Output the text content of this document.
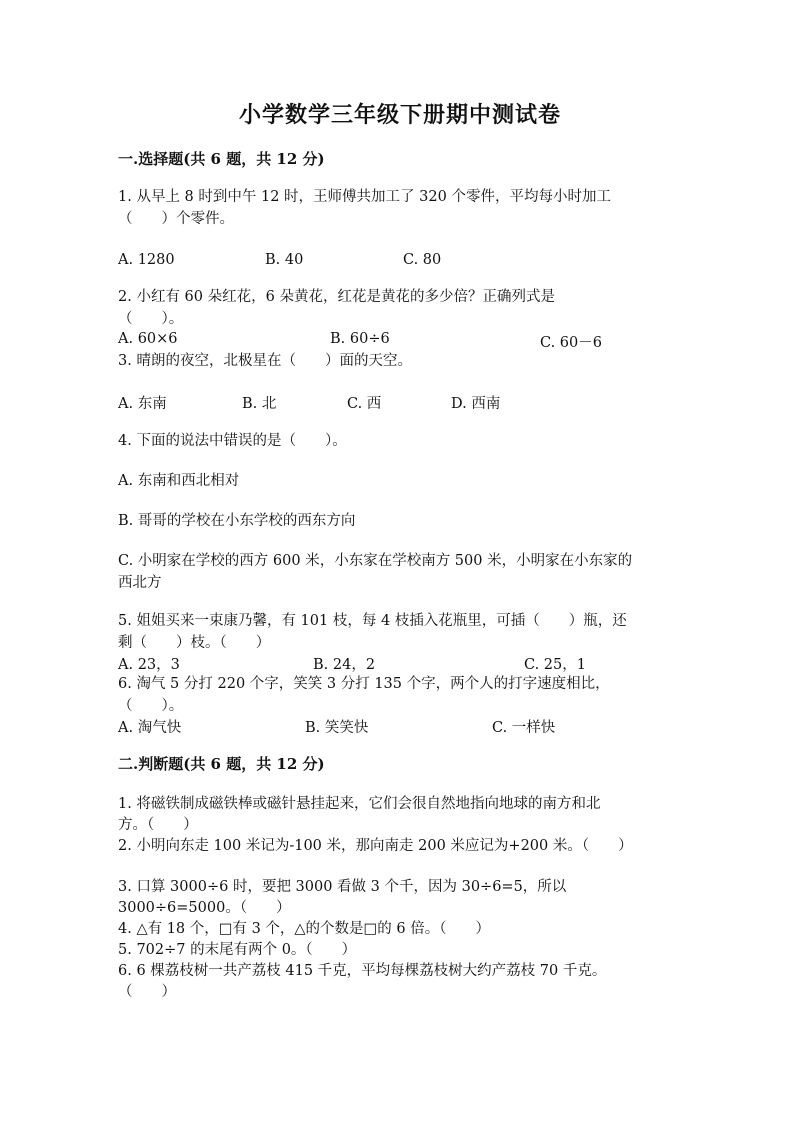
小学数学三年级下册期中测试卷
一.选择题(共 6 题，共 12 分)
1. 从早上 8 时到中午 12 时，王师傅共加工了 320 个零件，平均每小时加工
（　　）个零件。
A. 1280	B. 40	C. 80
2. 小红有 60 朵红花，6 朵黄花，红花是黄花的多少倍？正确列式是
（　　）。
A. 60×6	B. 60÷6	C. 60－6
3. 晴朗的夜空，北极星在（　　）面的天空。
A. 东南	B. 北	C. 西	D. 西南
4. 下面的说法中错误的是（　　）。
A. 东南和西北相对
B. 哥哥的学校在小东学校的西东方向
C. 小明家在学校的西方 600 米，小东家在学校南方 500 米，小明家在小东家的
西北方
5. 姐姐买来一束康乃馨，有 101 枝，每 4 枝插入花瓶里，可插（　　）瓶，还
剩（　　）枝。（　　）
A. 23，3	B. 24，2	C. 25，1
6. 淘气 5 分打 220 个字，笑笑 3 分打 135 个字，两个人的打字速度相比，
（　　）。
A. 淘气快	B. 笑笑快	C. 一样快
二.判断题(共 6 题，共 12 分)
1. 将磁铁制成磁铁棒或磁针悬挂起来，它们会很自然地指向地球的南方和北
方。（　　）
2. 小明向东走 100 米记为-100 米，那向南走 200 米应记为+200 米。（　　）
3. 口算 3000÷6 时，要把 3000 看做 3 个千，因为 30÷6=5，所以
3000÷6=5000。（　　）
4. △有 18 个，□有 3 个，△的个数是□的 6 倍。（　　）
5. 702÷7 的末尾有两个 0。（　　）
6. 6 棵荔枝树一共产荔枝 415 千克，平均每棵荔枝树大约产荔枝 70 千克。
（　　）
